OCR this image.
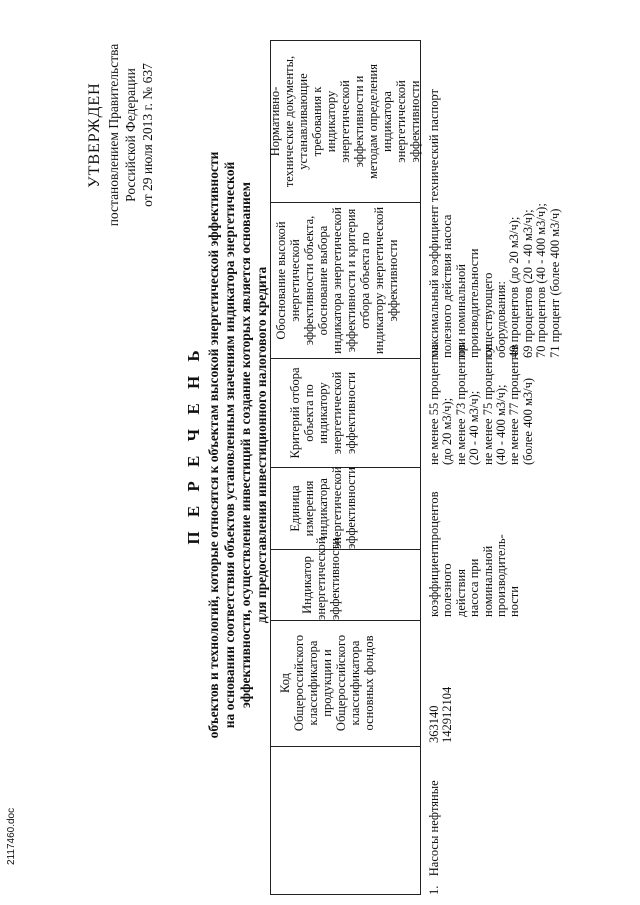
УТВЕРЖДЕН постановлением Правительства Российской Федерации от 29 июля 2013 г. № 637
П Е Р Е Ч Е Н Ь объектов и технологий, которые относятся к объектам высокой энергетической эффективности на основании соответствия объектов установленным значениям индикатора энергетической эффективности, осуществление инвестиций в создание которых является основанием для предоставления инвестиционного налогового кредита
Код Общероссийского классификатора продукции и Общероссийского классификатора основных фондов
Индикатор энергетической эффективности
Единица измерения индикатора энергетической эффективности
Критерий отбора объекта по индикатору энергетической эффективности
Обоснование высокой энергетической эффективности объекта, обоснование выбора индикатора энергетической эффективности и критерия отбора объекта по индикатору энергетической эффективности
Нормативно- технические документы, устанавливающие требования к индикатору энергетической эффективности и методам определения индикатора энергетической эффективности
1.   Насосы нефтяные
363140 142912104
коэффициент полезного действия насоса при номинальной производитель- ности
процентов
не менее 55 процентов (до 20 м3/ч); не менее 73 процентов (20 - 40 м3/ч); не менее 75 процентов (40 - 400 м3/ч); не менее 77 процентов (более 400 м3/ч)
максимальный коэффициент полезного действия насоса при номинальной производительности существующего оборудования: 49 процентов (до 20 м3/ч); 69 процентов (20 - 40 м3/ч); 70 процентов (40 - 400 м3/ч); 71 процент (более 400 м3/ч)
технический паспорт
2117460.doc
